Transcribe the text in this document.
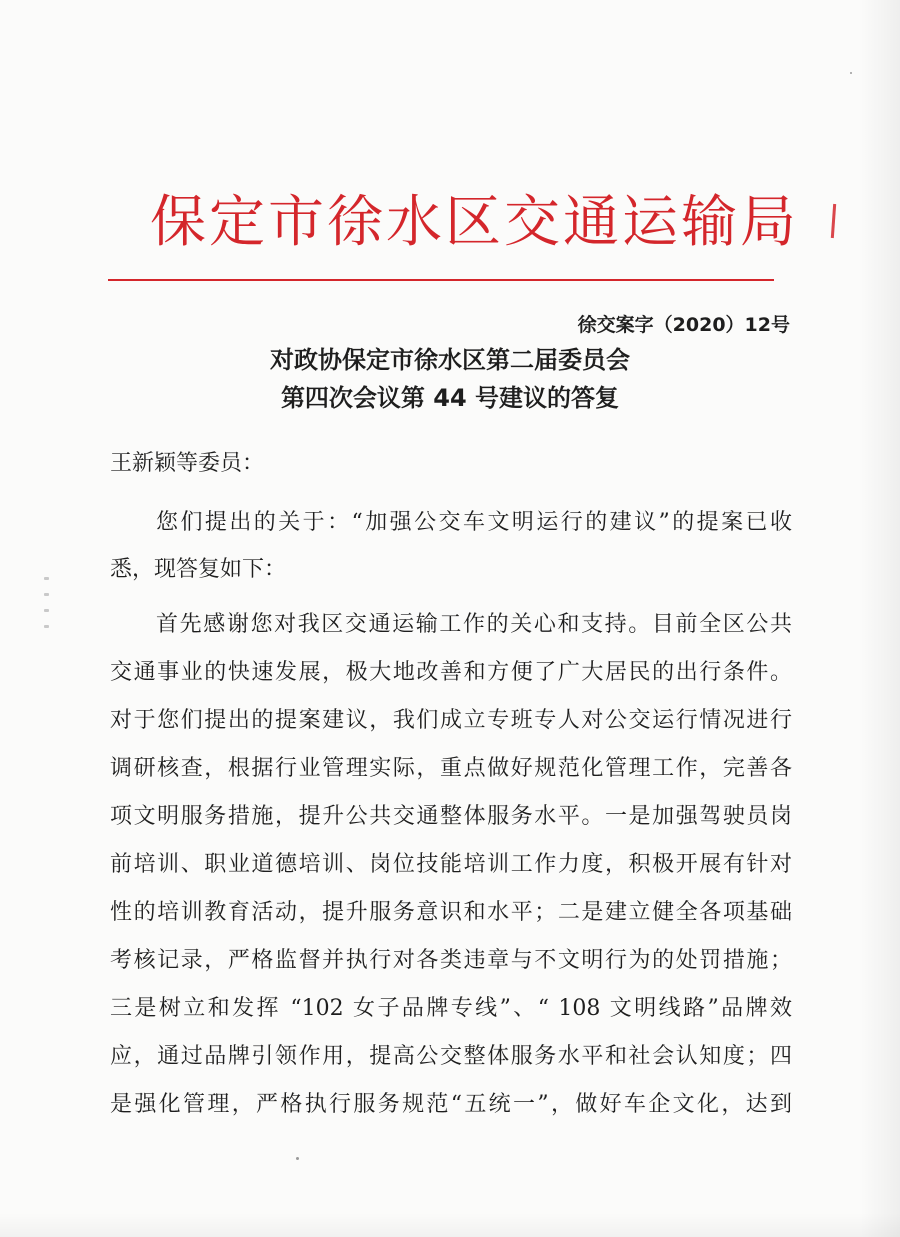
保定市徐水区交通运输局
徐交案字（2020）12号
对政协保定市徐水区第二届委员会
第四次会议第 44 号建议的答复
王新颖等委员：
您们提出的关于：“加强公交车文明运行的建议”的提案已收
悉，现答复如下：
首先感谢您对我区交通运输工作的关心和支持。目前全区公共
交通事业的快速发展，极大地改善和方便了广大居民的出行条件。
对于您们提出的提案建议，我们成立专班专人对公交运行情况进行
调研核查，根据行业管理实际，重点做好规范化管理工作，完善各
项文明服务措施，提升公共交通整体服务水平。一是加强驾驶员岗
前培训、职业道德培训、岗位技能培训工作力度，积极开展有针对
性的培训教育活动，提升服务意识和水平；二是建立健全各项基础
考核记录，严格监督并执行对各类违章与不文明行为的处罚措施；
三是树立和发挥 “102 女子品牌专线”、“ 108 文明线路”品牌效
应，通过品牌引领作用，提高公交整体服务水平和社会认知度；四
是强化管理，严格执行服务规范“五统一”，做好车企文化，达到
